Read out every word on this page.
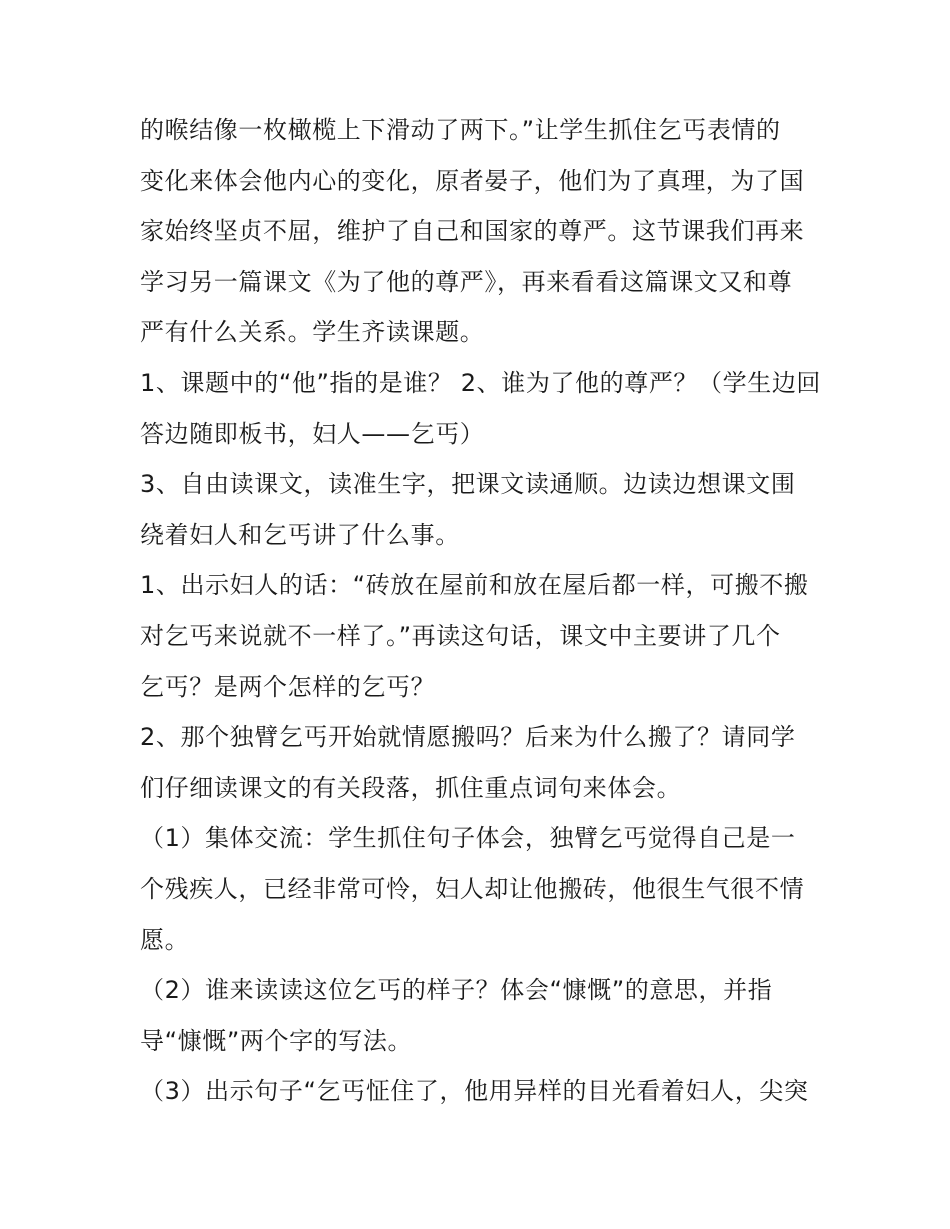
的喉结像一枚橄榄上下滑动了两下。”让学生抓住乞丐表情的
变化来体会他内心的变化，原者晏子，他们为了真理，为了国
家始终坚贞不屈，维护了自己和国家的尊严。这节课我们再来
学习另一篇课文《为了他的尊严》，再来看看这篇课文又和尊
严有什么关系。学生齐读课题。
1、课题中的“他”指的是谁？ 2、谁为了他的尊严？（学生边回
答边随即板书，妇人——乞丐）
3、自由读课文，读准生字，把课文读通顺。边读边想课文围
绕着妇人和乞丐讲了什么事。
1、出示妇人的话：“砖放在屋前和放在屋后都一样，可搬不搬
对乞丐来说就不一样了。”再读这句话，课文中主要讲了几个
乞丐？是两个怎样的乞丐？
2、那个独臂乞丐开始就情愿搬吗？后来为什么搬了？请同学
们仔细读课文的有关段落，抓住重点词句来体会。
（1）集体交流：学生抓住句子体会，独臂乞丐觉得自己是一
个残疾人，已经非常可怜，妇人却让他搬砖，他很生气很不情
愿。
（2）谁来读读这位乞丐的样子？体会“慷慨”的意思，并指
导“慷慨”两个字的写法。
（3）出示句子“乞丐怔住了，他用异样的目光看着妇人，尖突
